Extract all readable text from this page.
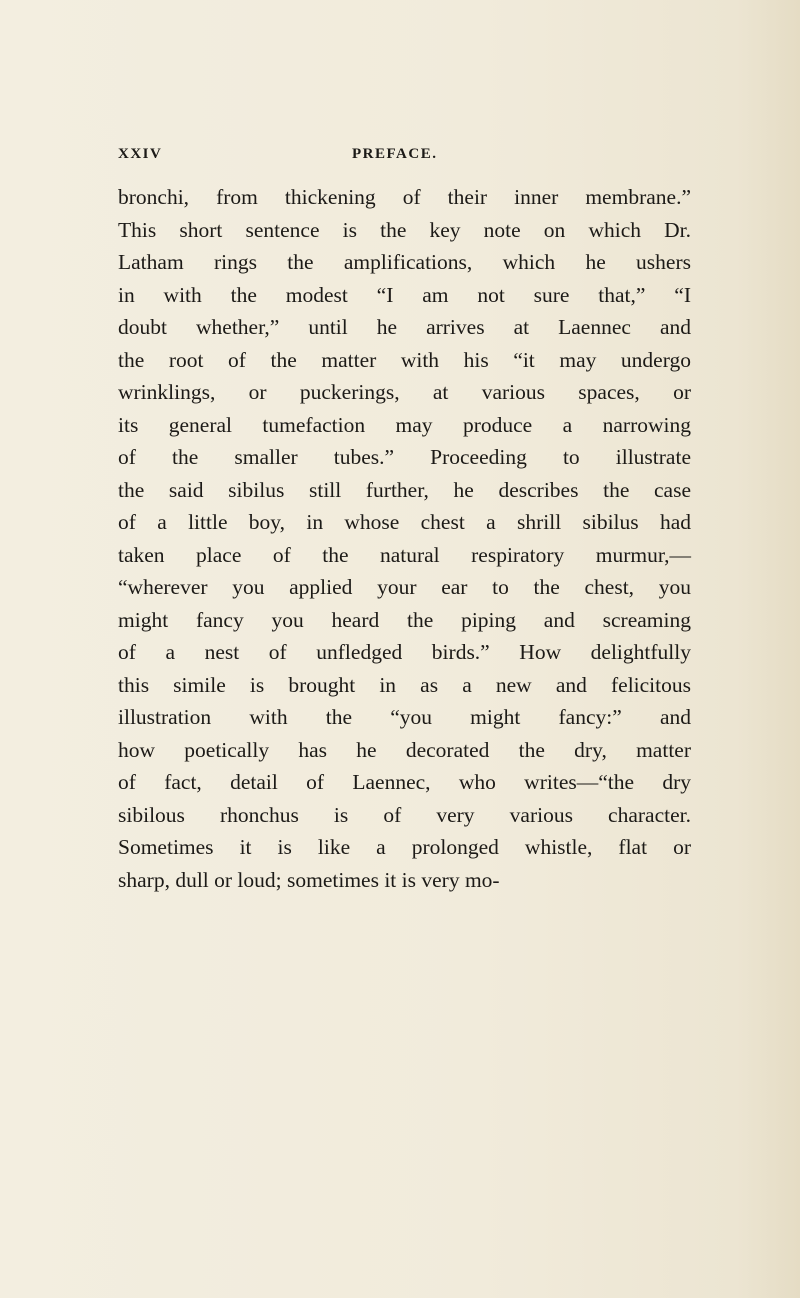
XXIV	PREFACE.
bronchi, from thickening of their inner membrane.”
This short sentence is the key note on which Dr.
Latham rings the amplifications, which he ushers
in with the modest “I am not sure that,” “I
doubt whether,” until he arrives at Laennec and
the root of the matter with his “it may undergo
wrinklings, or puckerings, at various spaces, or
its general tumefaction may produce a narrowing
of the smaller tubes.” Proceeding to illustrate
the said sibilus still further, he describes the case
of a little boy, in whose chest a shrill sibilus had
taken place of the natural respiratory murmur,—
“wherever you applied your ear to the chest, you
might fancy you heard the piping and screaming
of a nest of unfledged birds.” How delightfully
this simile is brought in as a new and felicitous
illustration with the “you might fancy:” and
how poetically has he decorated the dry, matter
of fact, detail of Laennec, who writes—“the dry
sibilous rhonchus is of very various character.
Sometimes it is like a prolonged whistle, flat or
sharp, dull or loud; sometimes it is very mo-
